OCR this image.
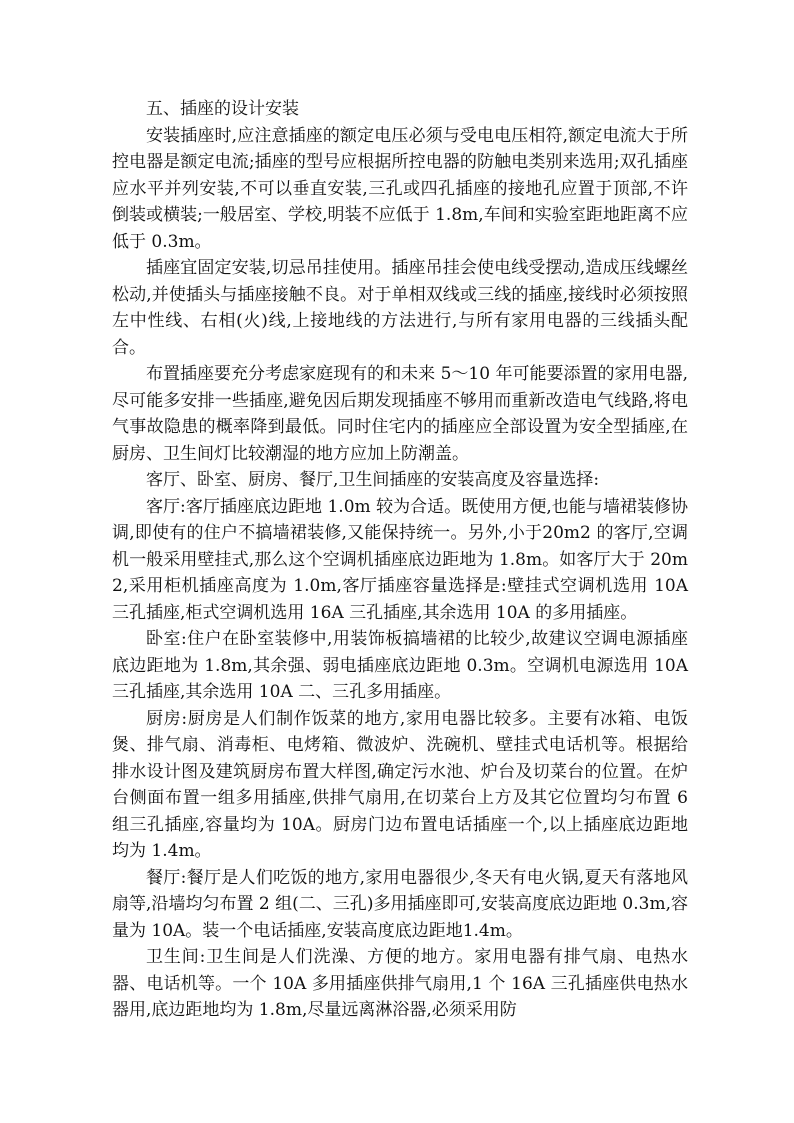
五、插座的设计安装

安装插座时,应注意插座的额定电压必须与受电电压相符,额定电流大于所控电器是额定电流;插座的型号应根据所控电器的防触电类别来选用;双孔插座应水平并列安装,不可以垂直安装,三孔或四孔插座的接地孔应置于顶部,不许倒装或横装;一般居室、学校,明装不应低于 1.8m,车间和实验室距地距离不应低于 0.3m。

插座宜固定安装,切忌吊挂使用。插座吊挂会使电线受摆动,造成压线螺丝松动,并使插头与插座接触不良。对于单相双线或三线的插座,接线时必须按照左中性线、右相(火)线,上接地线的方法进行,与所有家用电器的三线插头配合。

布置插座要充分考虑家庭现有的和未来 5～10 年可能要添置的家用电器,尽可能多安排一些插座,避免因后期发现插座不够用而重新改造电气线路,将电气事故隐患的概率降到最低。同时住宅内的插座应全部设置为安全型插座,在厨房、卫生间灯比较潮湿的地方应加上防潮盖。

客厅、卧室、厨房、餐厅,卫生间插座的安装高度及容量选择:

客厅:客厅插座底边距地 1.0m 较为合适。既使用方便,也能与墙裙装修协调,即使有的住户不搞墙裙装修,又能保持统一。另外,小于20m2 的客厅,空调机一般采用壁挂式,那么这个空调机插座底边距地为 1.8m。如客厅大于 20m2,采用柜机插座高度为 1.0m,客厅插座容量选择是:壁挂式空调机选用 10A 三孔插座,柜式空调机选用 16A 三孔插座,其余选用 10A 的多用插座。

卧室:住户在卧室装修中,用装饰板搞墙裙的比较少,故建议空调电源插座底边距地为 1.8m,其余强、弱电插座底边距地 0.3m。空调机电源选用 10A 三孔插座,其余选用 10A 二、三孔多用插座。

厨房:厨房是人们制作饭菜的地方,家用电器比较多。主要有冰箱、电饭煲、排气扇、消毒柜、电烤箱、微波炉、洗碗机、壁挂式电话机等。根据给排水设计图及建筑厨房布置大样图,确定污水池、炉台及切菜台的位置。在炉台侧面布置一组多用插座,供排气扇用,在切菜台上方及其它位置均匀布置 6 组三孔插座,容量均为 10A。厨房门边布置电话插座一个,以上插座底边距地均为 1.4m。

餐厅:餐厅是人们吃饭的地方,家用电器很少,冬天有电火锅,夏天有落地风扇等,沿墙均匀布置 2 组(二、三孔)多用插座即可,安装高度底边距地 0.3m,容量为 10A。装一个电话插座,安装高度底边距地1.4m。

卫生间:卫生间是人们洗澡、方便的地方。家用电器有排气扇、电热水器、电话机等。一个 10A 多用插座供排气扇用,1 个 16A 三孔插座供电热水器用,底边距地均为 1.8m,尽量远离淋浴器,必须采用防
